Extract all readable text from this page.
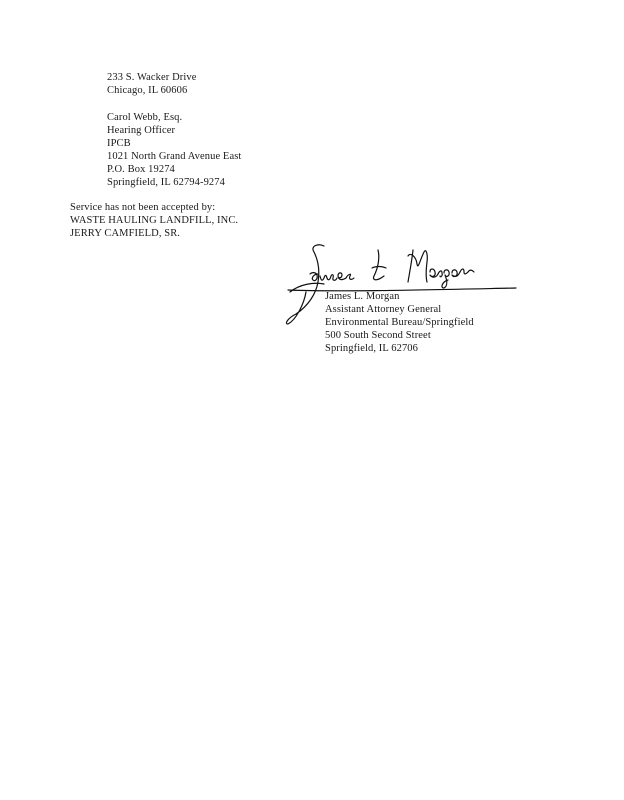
233 S. Wacker Drive
Chicago, IL 60606
Carol Webb, Esq.
Hearing Officer
IPCB
1021 North Grand Avenue East
P.O. Box 19274
Springfield, IL 62794-9274
Service has not been accepted by:
WASTE HAULING LANDFILL, INC.
JERRY CAMFIELD, SR.
James L. Morgan
Assistant Attorney General
Environmental Bureau/Springfield
500 South Second Street
Springfield, IL 62706
